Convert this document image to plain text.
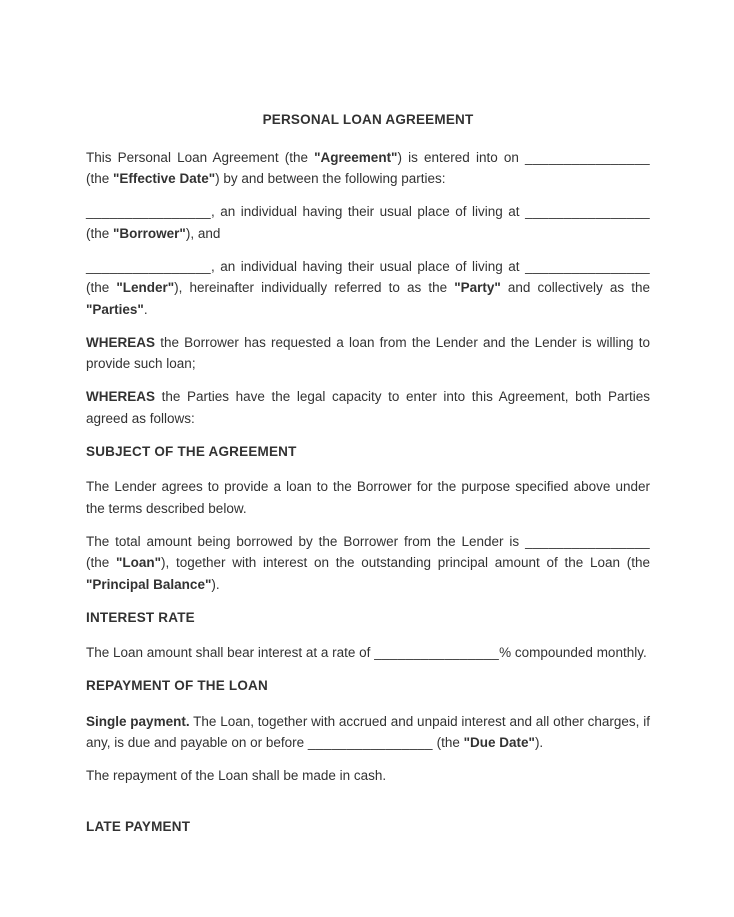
PERSONAL LOAN AGREEMENT

This Personal Loan Agreement (the "Agreement") is entered into on ________________ (the "Effective Date") by and between the following parties:

________________, an individual having their usual place of living at ________________ (the "Borrower"), and

________________, an individual having their usual place of living at ________________ (the "Lender"), hereinafter individually referred to as the "Party" and collectively as the "Parties".

WHEREAS the Borrower has requested a loan from the Lender and the Lender is willing to provide such loan;

WHEREAS the Parties have the legal capacity to enter into this Agreement, both Parties agreed as follows:

SUBJECT OF THE AGREEMENT

The Lender agrees to provide a loan to the Borrower for the purpose specified above under the terms described below.

The total amount being borrowed by the Borrower from the Lender is ________________ (the "Loan"), together with interest on the outstanding principal amount of the Loan (the "Principal Balance").

INTEREST RATE

The Loan amount shall bear interest at a rate of ________________% compounded monthly.

REPAYMENT OF THE LOAN

Single payment. The Loan, together with accrued and unpaid interest and all other charges, if any, is due and payable on or before ________________ (the "Due Date").

The repayment of the Loan shall be made in cash.

LATE PAYMENT
